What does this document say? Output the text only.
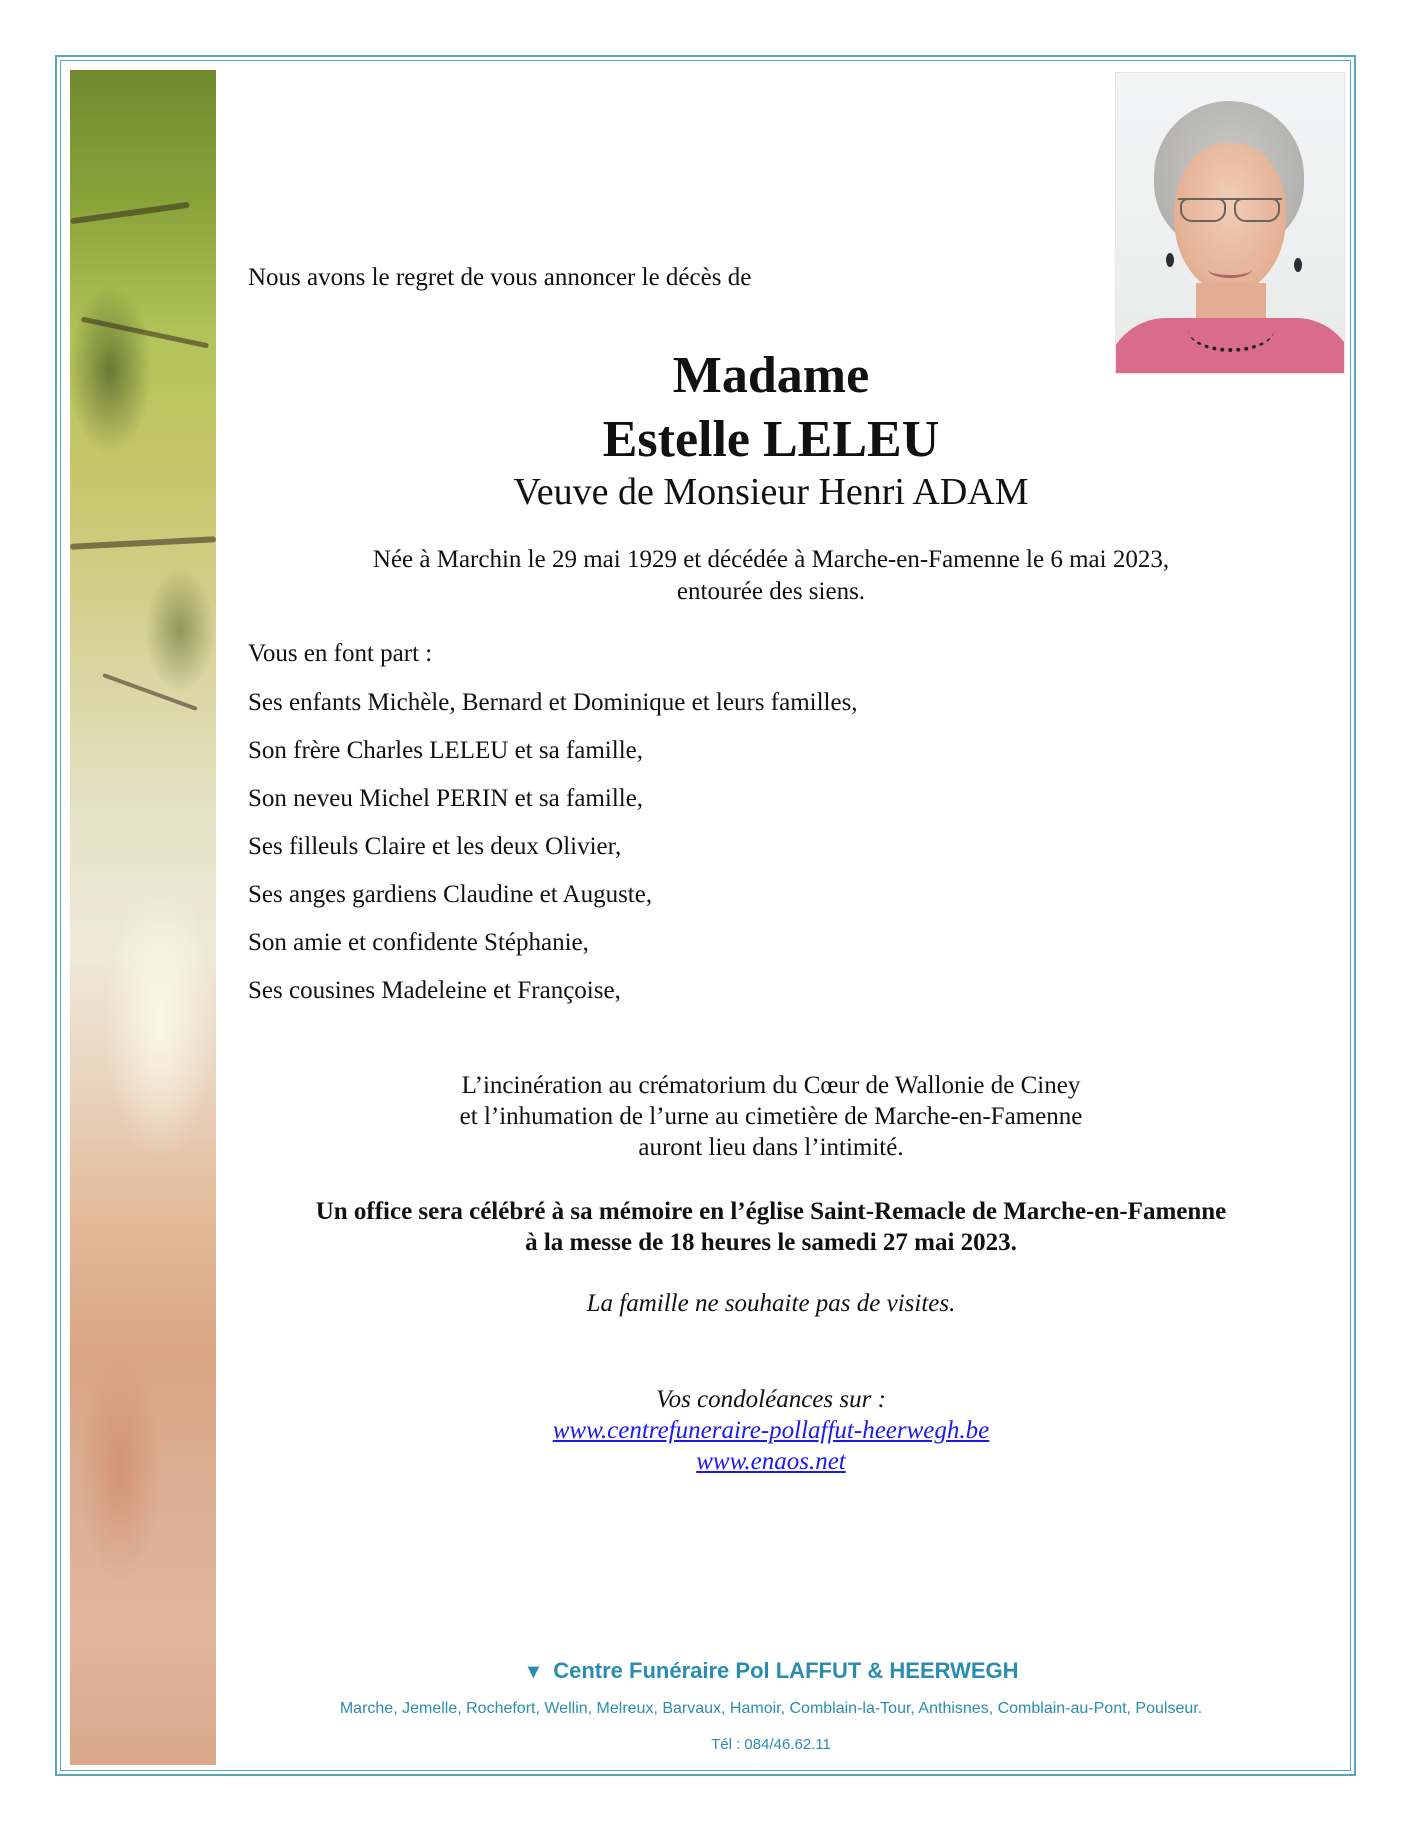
Nous avons le regret de vous annoncer le décès de

Madame

Estelle LELEU

Veuve de Monsieur Henri ADAM

Née à Marchin le 29 mai 1929 et décédée à Marche-en-Famenne le 6 mai 2023,
entourée des siens.

Vous en font part :

Ses enfants Michèle, Bernard et Dominique et leurs familles,

Son frère Charles LELEU et sa famille,

Son neveu Michel PERIN et sa famille,

Ses filleuls Claire et les deux Olivier,

Ses anges gardiens Claudine et Auguste,

Son amie et confidente Stéphanie,

Ses cousines Madeleine et Françoise,

L’incinération au crématorium du Cœur de Wallonie de Ciney
et l’inhumation de l’urne au cimetière de Marche-en-Famenne
auront lieu dans l’intimité.
Un office sera célébré à sa mémoire en l’église Saint-Remacle de Marche-en-Famenne
à la messe de 18 heures le samedi 27 mai 2023.

La famille ne souhaite pas de visites.

Vos condoléances sur :
www.centrefuneraire-pollaffut-heerwegh.be
www.enaos.net
▼ Centre Funéraire Pol LAFFUT & HEERWEGH

Marche, Jemelle, Rochefort, Wellin, Melreux, Barvaux, Hamoir, Comblain-la-Tour, Anthisnes, Comblain-au-Pont, Poulseur.

Tél : 084/46.62.11
